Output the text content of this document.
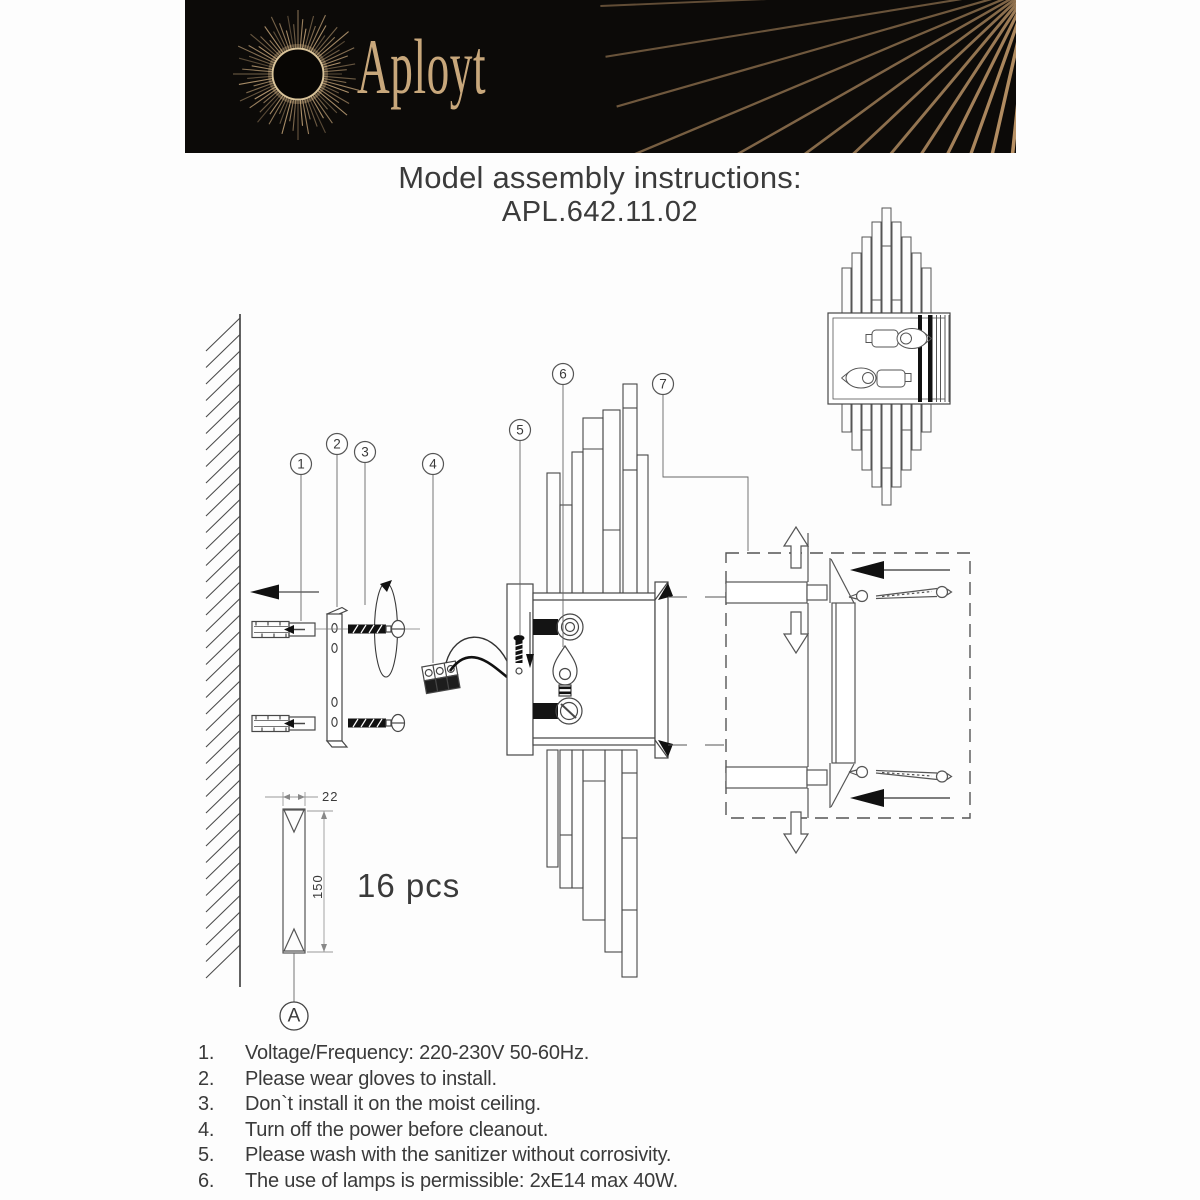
Aployt
Model assembly instructions:
APL.642.11.02
1
2
3
4
5
6
7
A
22
150 16 pcs
1.	Voltage/Frequency: 220-230V 50-60Hz.
2.	Please wear gloves to install.
3.	Don`t install it on the moist ceiling.
4.	Turn off the power before cleanout.
5.	Please wash with the sanitizer without corrosivity.
6.	The use of lamps is permissible: 2xE14 max 40W.
